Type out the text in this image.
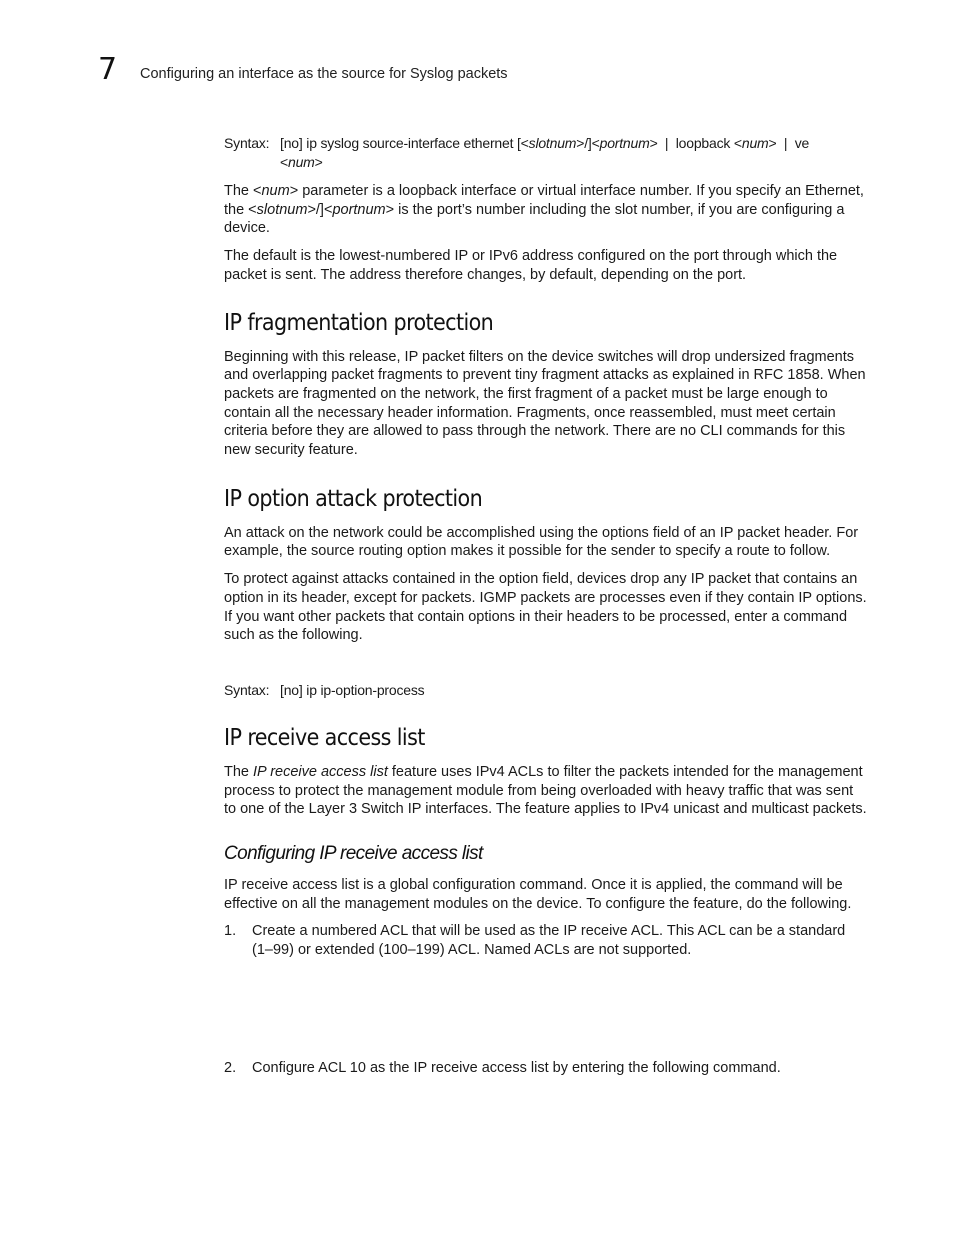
7 Configuring an interface as the source for Syslog packets
Syntax: [no] ip syslog source-interface ethernet [<slotnum>/]<portnum>  |  loopback <num>  |  ve
<num>

The <num> parameter is a loopback interface or virtual interface number. If you specify an Ethernet, the <slotnum>/]<portnum> is the port’s number including the slot number, if you are configuring a device.

The default is the lowest-numbered IP or IPv6 address configured on the port through which the packet is sent. The address therefore changes, by default, depending on the port.

IP fragmentation protection

Beginning with this release, IP packet filters on the device switches will drop undersized fragments and overlapping packet fragments to prevent tiny fragment attacks as explained in RFC 1858. When packets are fragmented on the network, the first fragment of a packet must be large enough to contain all the necessary header information. Fragments, once reassembled, must meet certain criteria before they are allowed to pass through the network. There are no CLI commands for this new security feature.

IP option attack protection

An attack on the network could be accomplished using the options field of an IP packet header. For example, the source routing option makes it possible for the sender to specify a route to follow.

To protect against attacks contained in the option field, devices drop any IP packet that contains an option in its header, except for packets. IGMP packets are processes even if they contain IP options. If you want other packets that contain options in their headers to be processed, enter a command such as the following.

Syntax: [no] ip ip-option-process
IP receive access list

The IP receive access list feature uses IPv4 ACLs to filter the packets intended for the management process to protect the management module from being overloaded with heavy traffic that was sent to one of the Layer 3 Switch IP interfaces. The feature applies to IPv4 unicast and multicast packets.

Configuring IP receive access list

IP receive access list is a global configuration command. Once it is applied, the command will be effective on all the management modules on the device. To configure the feature, do the following.

1. Create a numbered ACL that will be used as the IP receive ACL. This ACL can be a standard (1–99) or extended (100–199) ACL. Named ACLs are not supported.
2. Configure ACL 10 as the IP receive access list by entering the following command.
